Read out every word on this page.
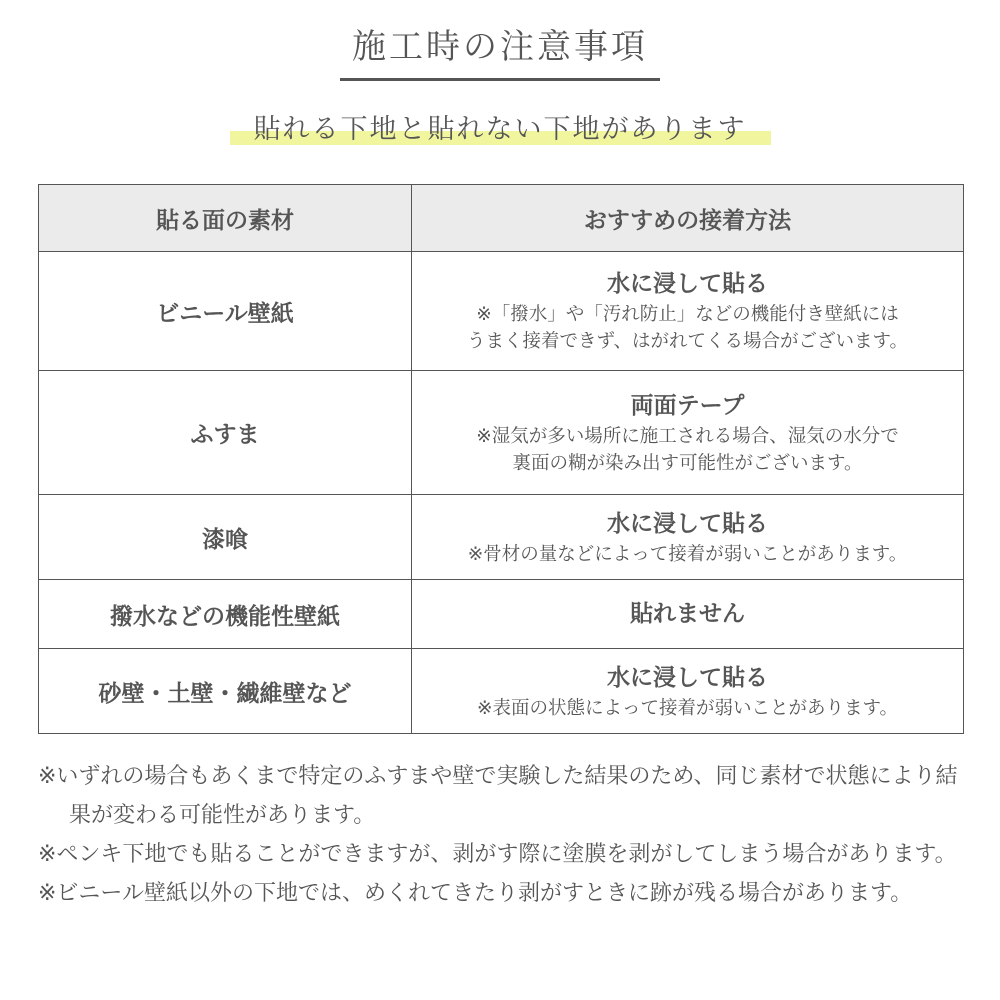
施工時の注意事項
貼れる下地と貼れない下地があります
貼る面の素材	おすすめの接着方法
ビニール壁紙	水に浸して貼る
※「撥水」や「汚れ防止」などの機能付き壁紙には
うまく接着できず、はがれてくる場合がございます。

ふすま	両面テープ
※湿気が多い場所に施工される場合、湿気の水分で
裏面の糊が染み出す可能性がございます。

漆喰	水に浸して貼る
※骨材の量などによって接着が弱いことがあります。

撥水などの機能性壁紙	貼れません

砂壁・土壁・繊維壁など	水に浸して貼る
※表面の状態によって接着が弱いことがあります。

※いずれの場合もあくまで特定のふすまや壁で実験した結果のため、同じ素材で状態により結果が変わる可能性があります。

※ペンキ下地でも貼ることができますが、剥がす際に塗膜を剥がしてしまう場合があります。

※ビニール壁紙以外の下地では、めくれてきたり剥がすときに跡が残る場合があります。
